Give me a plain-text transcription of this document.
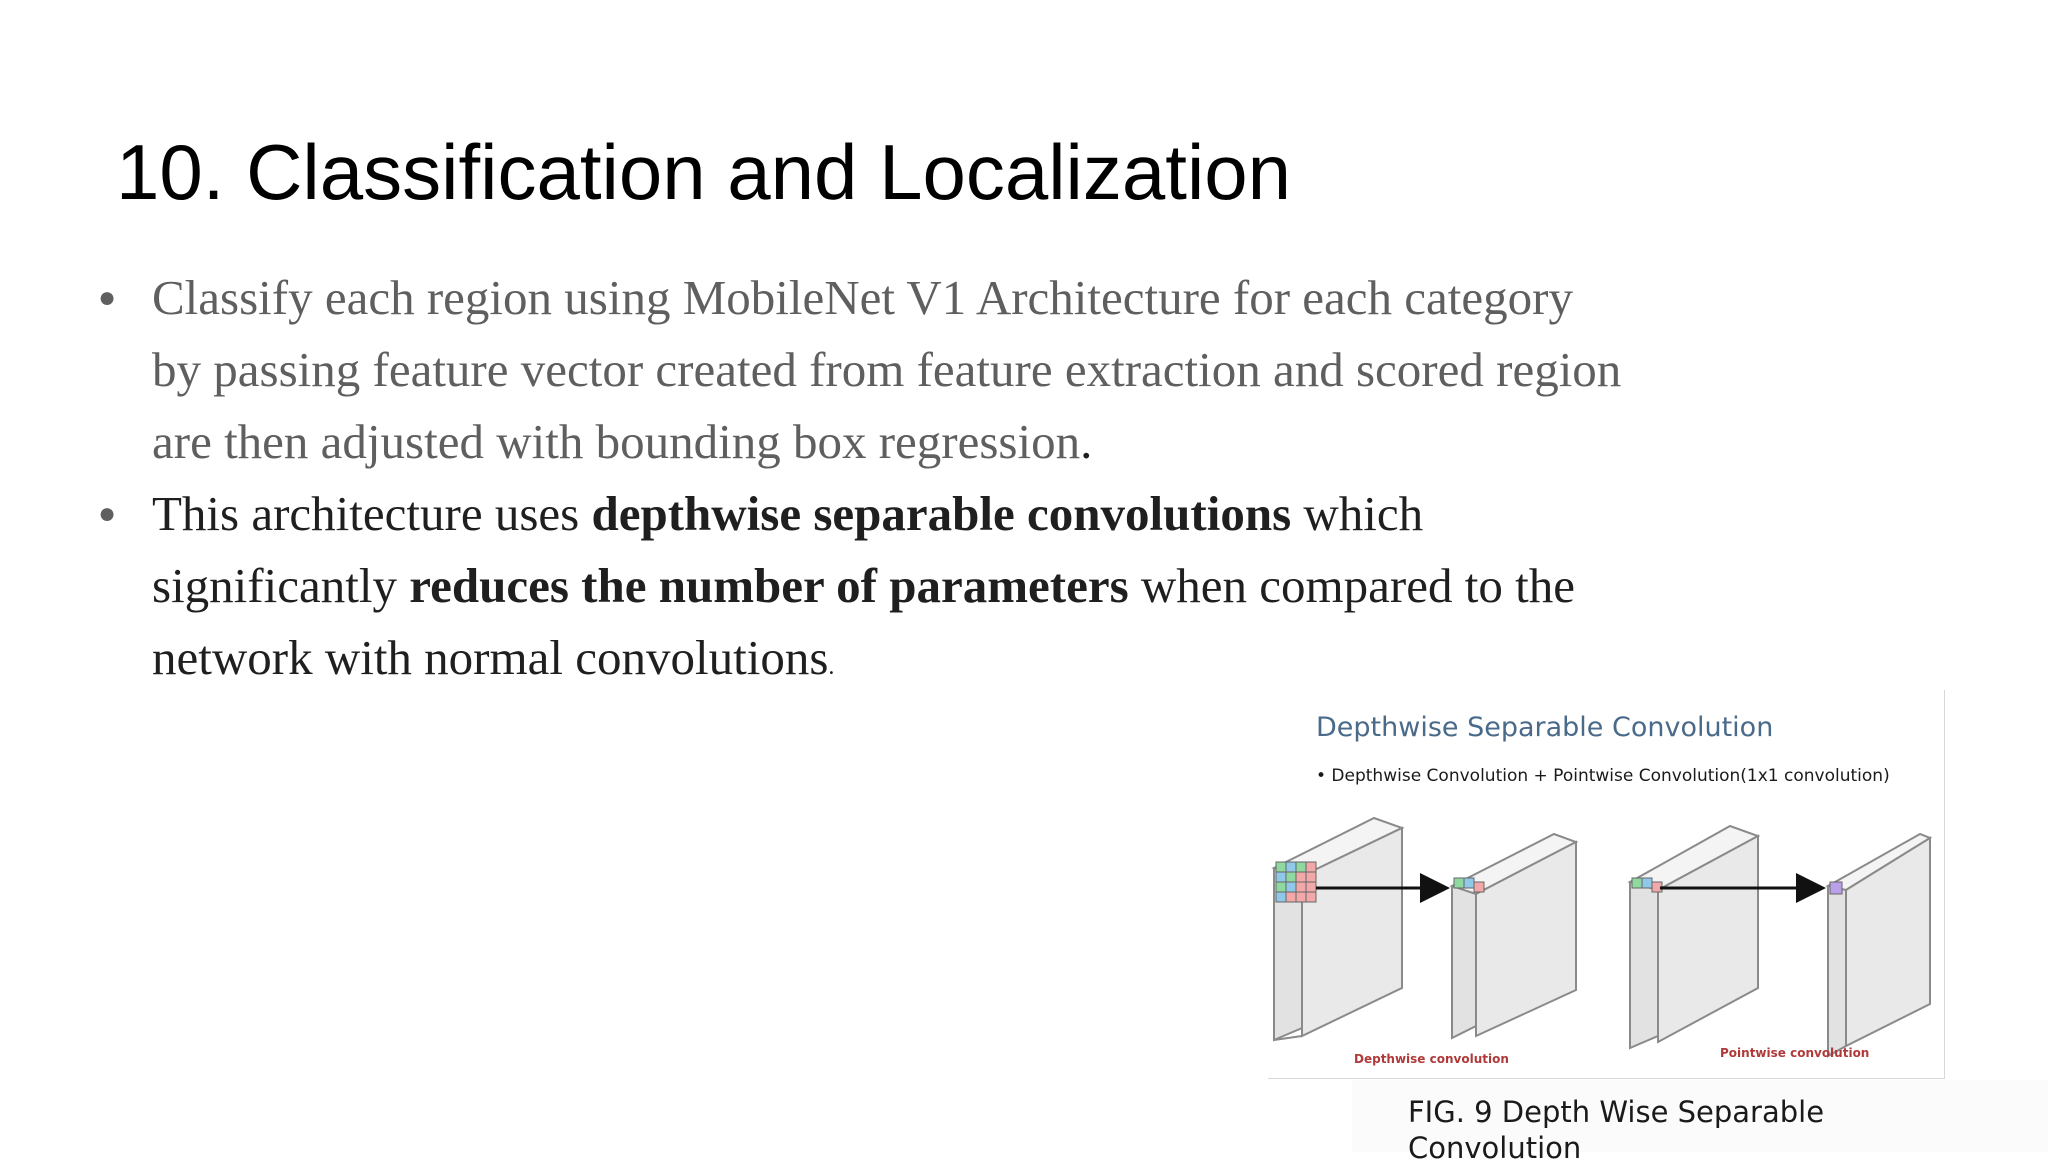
10. Classification and Localization
● Classify each region using MobileNet V1 Architecture for each category by passing feature vector created from feature extraction and scored region are then adjusted with bounding box regression.
● This architecture uses depthwise separable convolutions which significantly reduces the number of parameters when compared to the network with normal convolutions.
Depthwise Separable Convolution
• Depthwise Convolution + Pointwise Convolution(1x1 convolution)
Depthwise convolution	Pointwise convolution
FIG. 9 Depth Wise Separable Convolution
